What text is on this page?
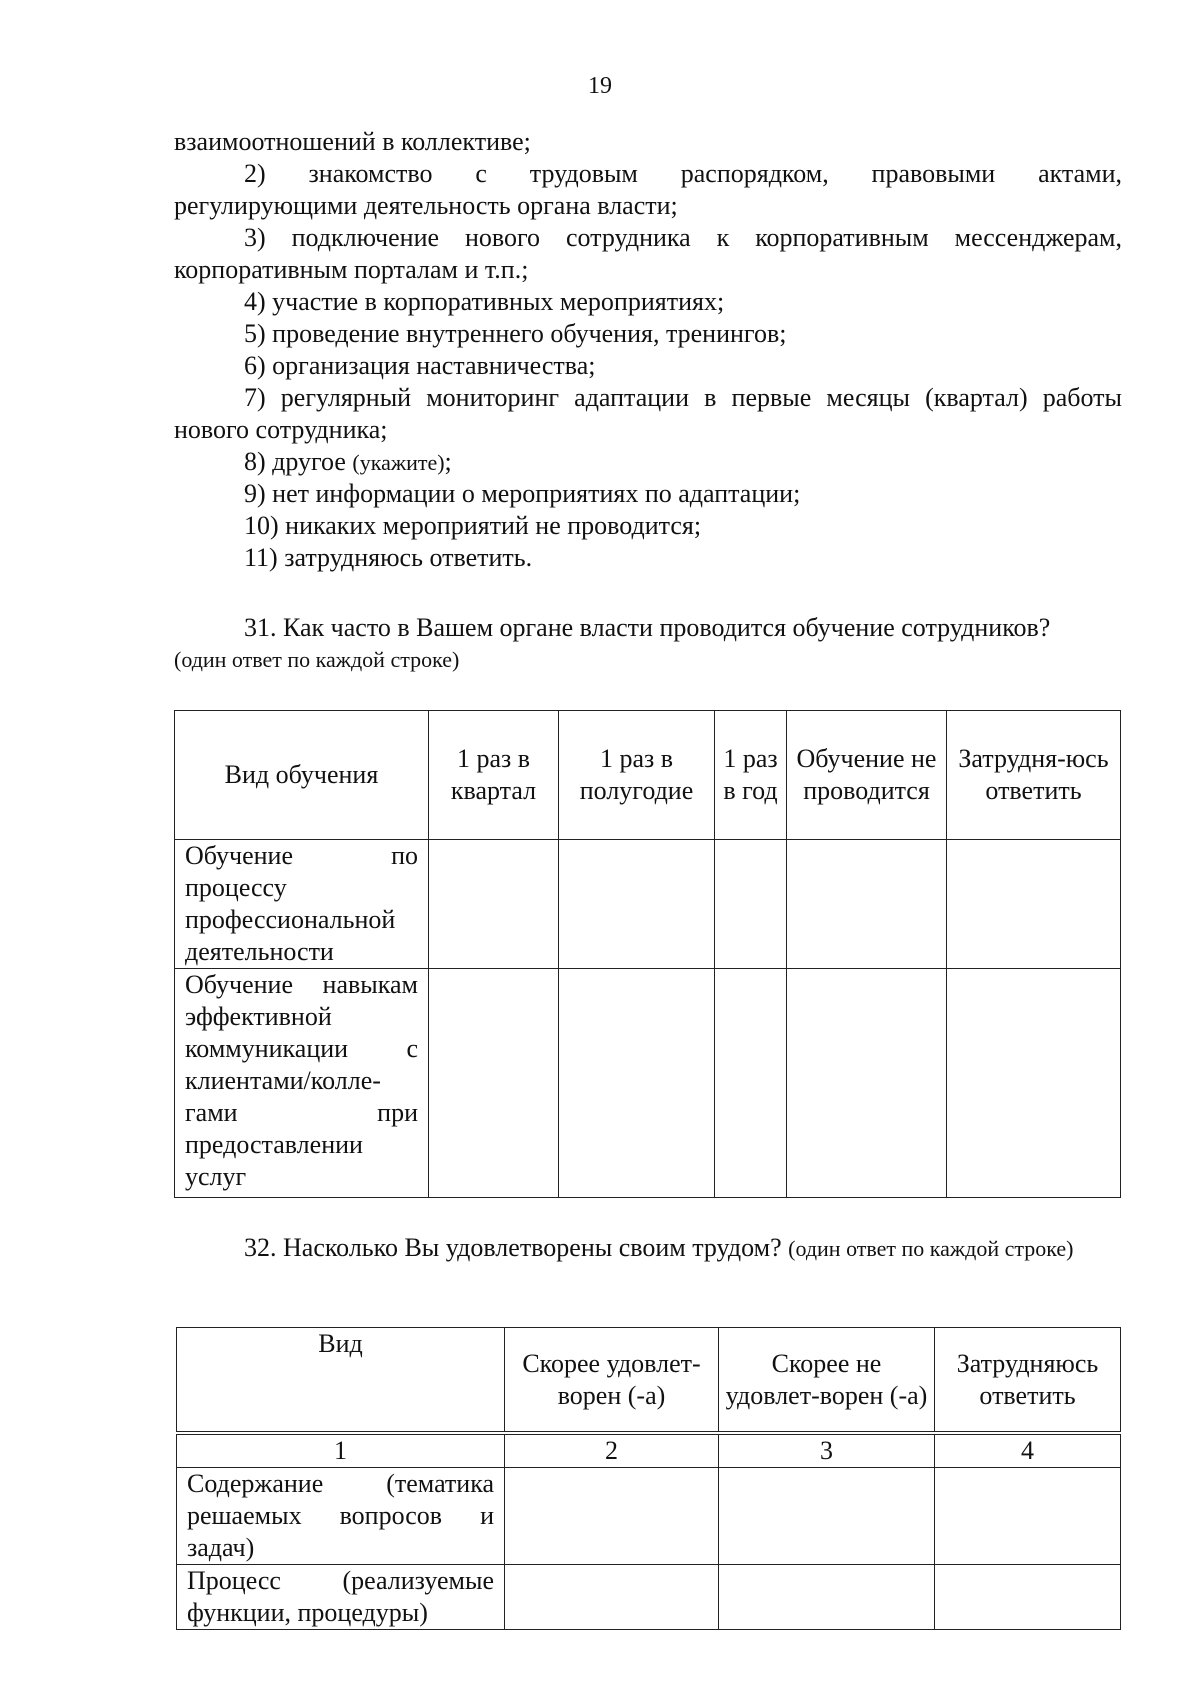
19

взаимоотношений в коллективе;

2) знакомство с трудовым распорядком, правовыми актами,

регулирующими деятельность органа власти;

3) подключение нового сотрудника к корпоративным мессенджерам,

корпоративным порталам и т.п.;

4) участие в корпоративных мероприятиях;

5) проведение внутреннего обучения, тренингов;

6) организация наставничества;

7) регулярный мониторинг адаптации в первые месяцы (квартал) работы

нового сотрудника;

8) другое (укажите);

9) нет информации о мероприятиях по адаптации;

10) никаких мероприятий не проводится;

11) затрудняюсь ответить.

31. Как часто в Вашем органе власти проводится обучение сотрудников?

(один ответ по каждой строке)

Вид обучения	1 раз в квартал	1 раз в полугодие	1 раз в год	Обучение не проводится	Затрудня-юсь ответить
Обучение по процессу профессиональной деятельности					
Обучение навыкам эффективной коммуникации с клиентами/колле-гами при предоставлении услуг					

32. Насколько Вы удовлетворены своим трудом? (один ответ по каждой строке)

Вид	Скорее удовлет-ворен (-а)	Скорее не удовлет-ворен (-а)	Затрудняюсь ответить
1	2	3	4
Содержание (тематика решаемых вопросов и задач)			
Процесс (реализуемые функции, процедуры)			
